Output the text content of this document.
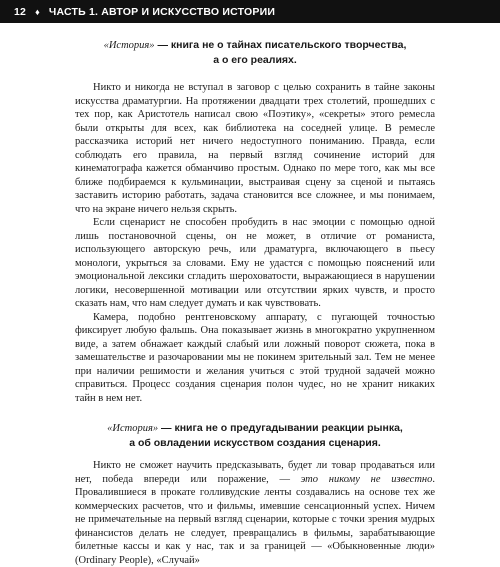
12 ♦ ЧАСТЬ 1. АВТОР И ИСКУССТВО ИСТОРИИ
«История» — книга не о тайнах писательского творчества,
а о его реалиях.

Никто и никогда не вступал в заговор с целью сохранить в тайне законы искусства драматургии. На протяжении двадцати трех столетий, прошедших с тех пор, как Аристотель написал свою «Поэтику», «секреты» этого ремесла были открыты для всех, как библиотека на соседней улице. В ремесле рассказчика историй нет ничего недоступного пониманию. Правда, если соблюдать его правила, на первый взгляд сочинение историй для кинематографа кажется обманчиво простым. Однако по мере того, как мы все ближе подбираемся к кульминации, выстраивая сцену за сценой и пытаясь заставить историю работать, задача становится все сложнее, и мы понимаем, что на экране ничего нельзя скрыть.

Если сценарист не способен пробудить в нас эмоции с помощью одной лишь постановочной сцены, он не может, в отличие от романиста, использующего авторскую речь, или драматурга, включающего в пьесу монологи, укрыться за словами. Ему не удастся с помощью пояснений или эмоциональной лексики сгладить шероховатости, выражающиеся в нарушении логики, несовершенной мотивации или отсутствии ярких чувств, и просто сказать нам, что нам следует думать и как чувствовать.

Камера, подобно рентгеновскому аппарату, с пугающей точностью фиксирует любую фальшь. Она показывает жизнь в многократно укрупненном виде, а затем обнажает каждый слабый или ложный поворот сюжета, пока в замешательстве и разочаровании мы не покинем зрительный зал. Тем не менее при наличии решимости и желания учиться с этой трудной задачей можно справиться. Процесс создания сценария полон чудес, но не хранит никаких тайн в нем нет.

«История» — книга не о предугадывании реакции рынка,
а об овладении искусством создания сценария.

Никто не сможет научить предсказывать, будет ли товар продаваться или нет, победа впереди или поражение, — это никому не известно. Провалившиеся в прокате голливудские ленты создавались на основе тех же коммерческих расчетов, что и фильмы, имевшие сенсационный успех. Ничем не примечательные на первый взгляд сценарии, которые с точки зрения мудрых финансистов делать не следует, превращались в фильмы, зарабатывающие билетные кассы и как у нас, так и за границей — «Обыкновенные люди» (Ordinary People), «Случай»
